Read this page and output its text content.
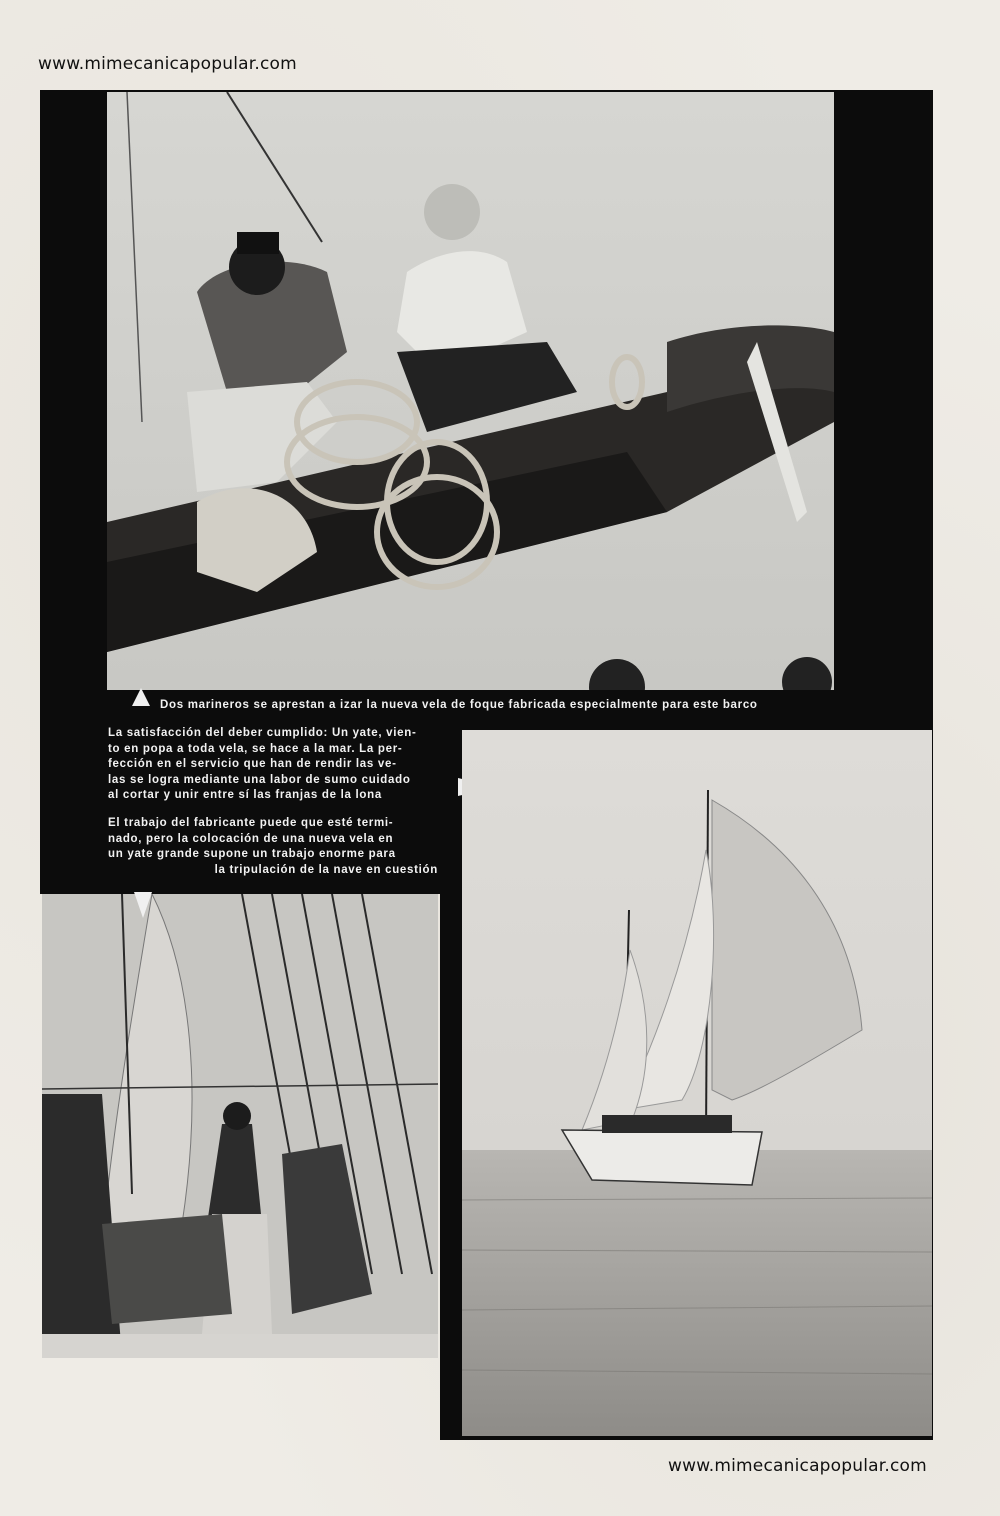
www.mimecanicapopular.com
Dos marineros se aprestan a izar la nueva vela de foque fabricada especialmente para este barco

La satisfacción del deber cumplido: Un yate, vien-

to en popa a toda vela, se hace a la mar. La per-

fección en el servicio que han de rendir las ve-

las se logra mediante una labor de sumo cuidado

al cortar y unir entre sí las franjas de la lona

El trabajo del fabricante puede que esté termi-

nado, pero la colocación de una nueva vela en

un yate grande supone un trabajo enorme para

la tripulación de la nave en cuestión

www.mimecanicapopular.com
